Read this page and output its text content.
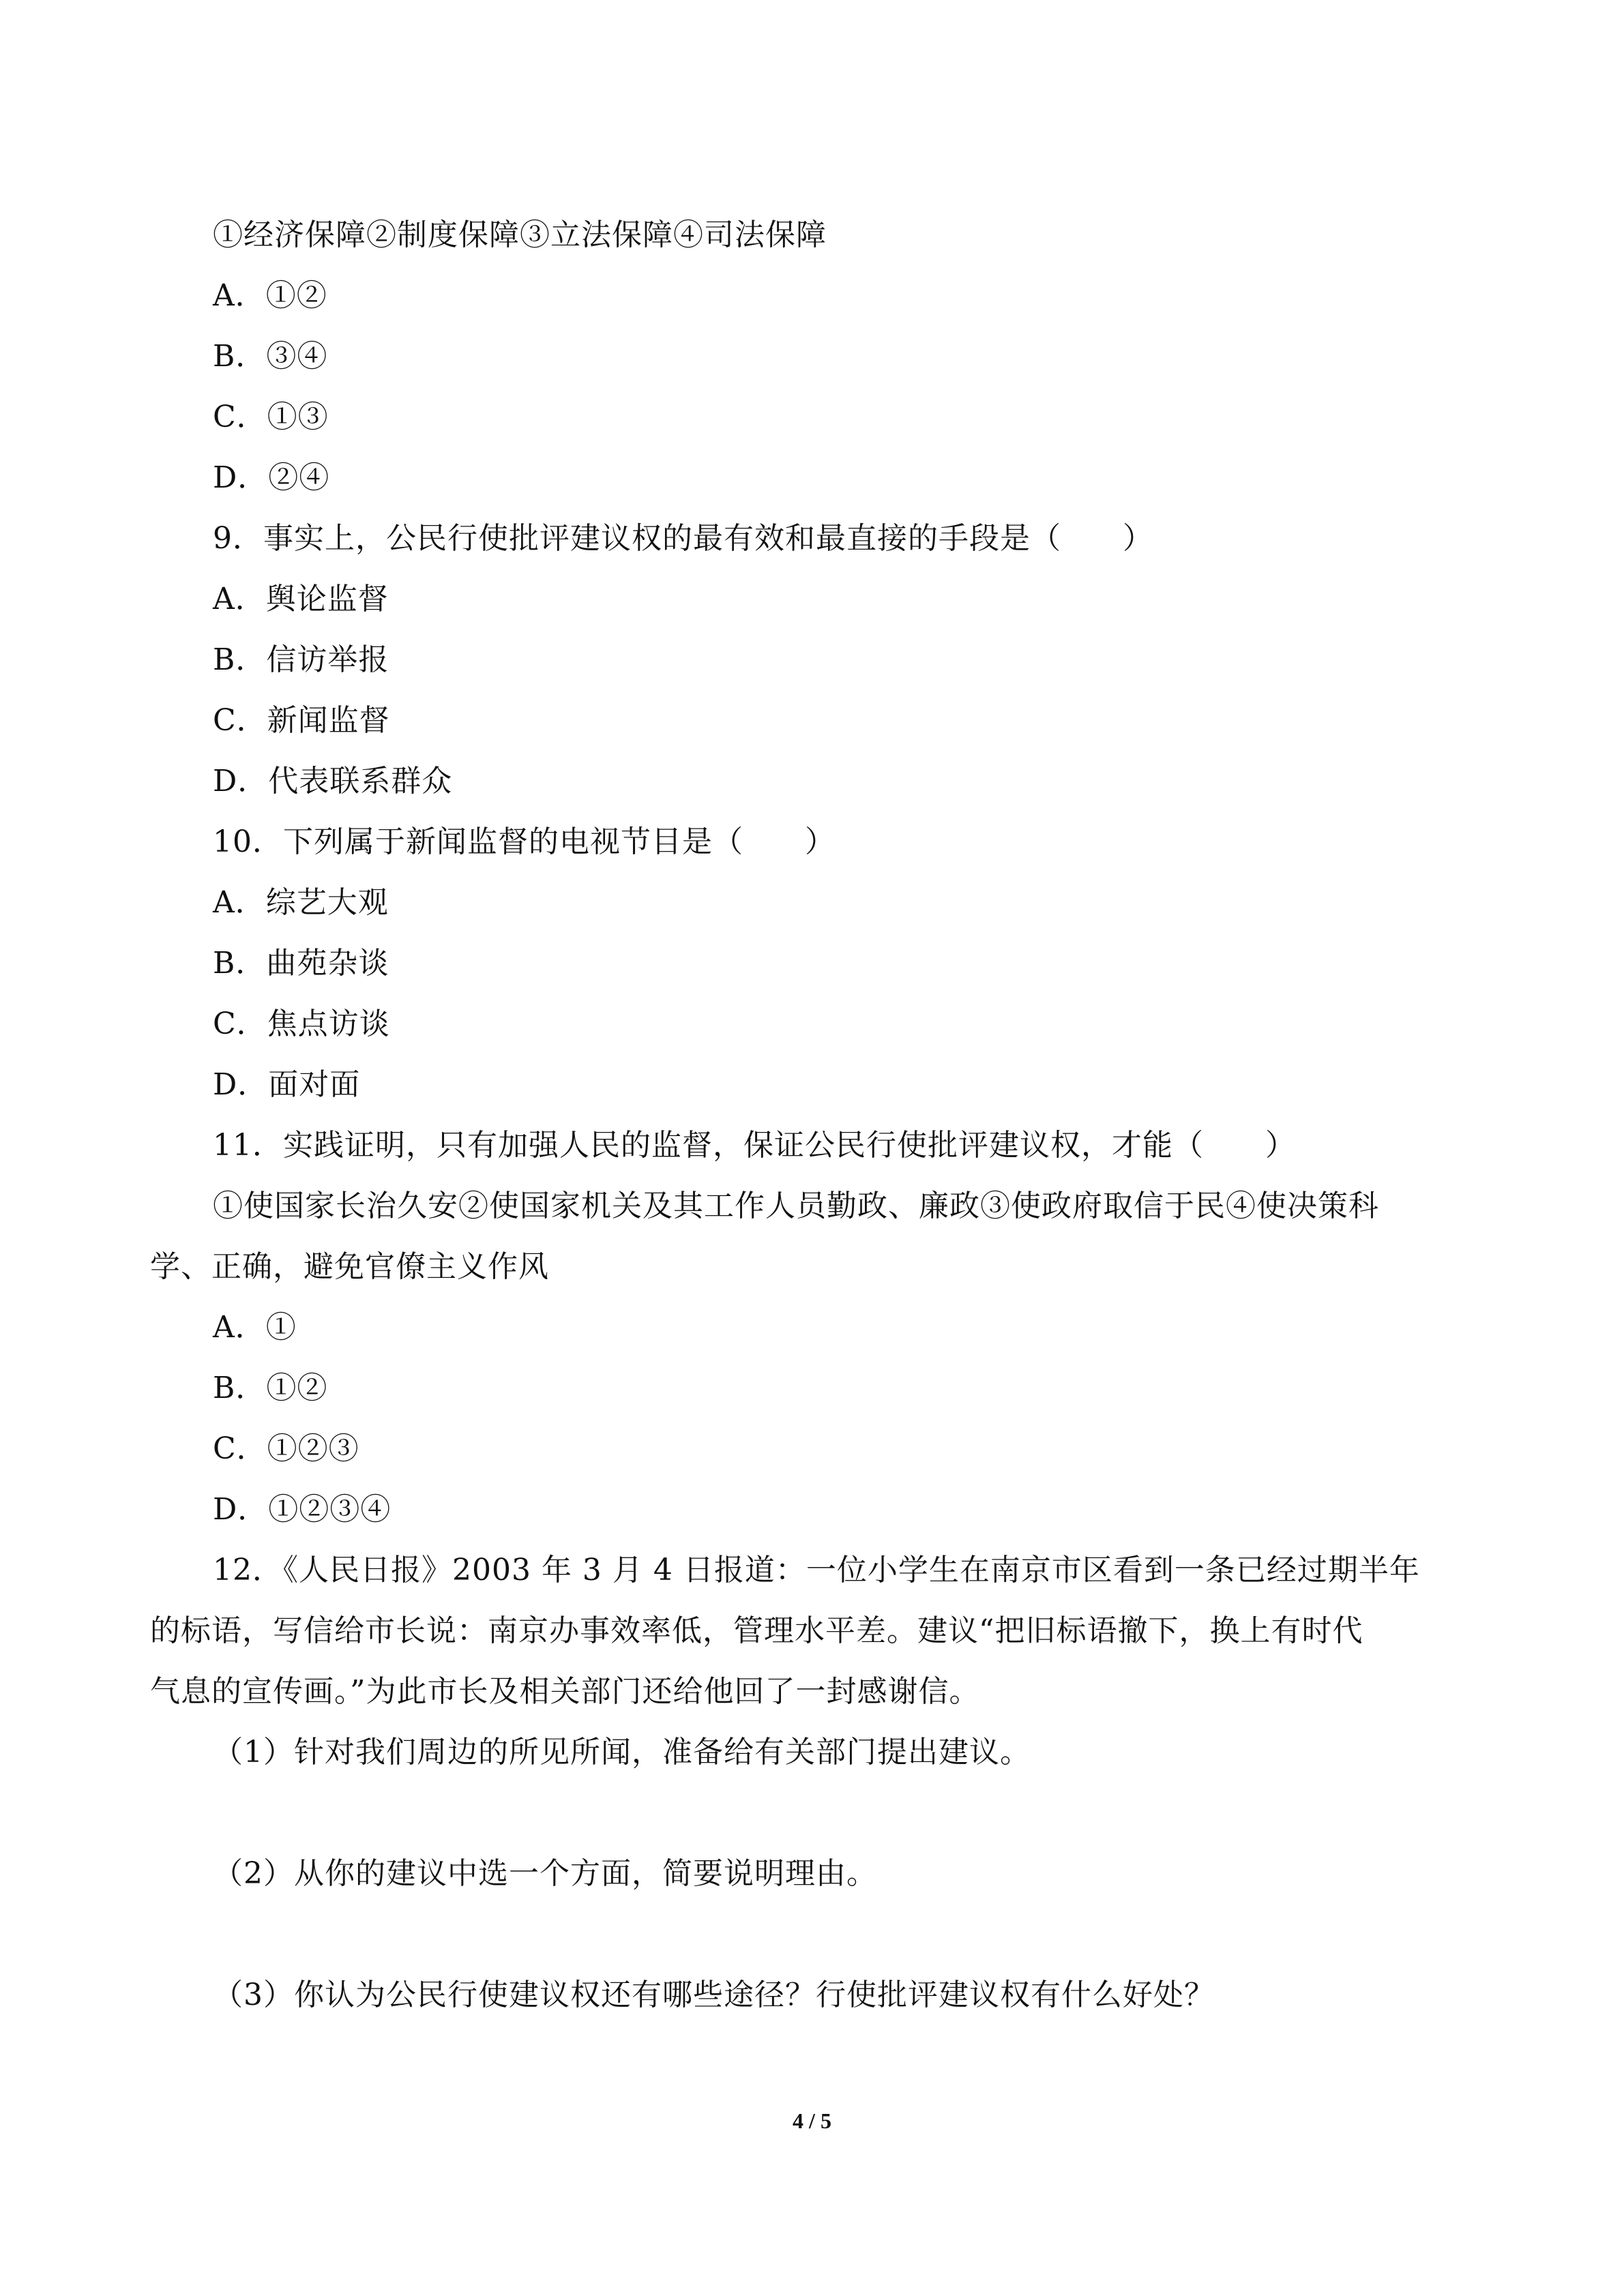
①经济保障②制度保障③立法保障④司法保障
A．①②
B．③④
C．①③
D．②④
9．事实上，公民行使批评建议权的最有效和最直接的手段是（　　）
A．舆论监督
B．信访举报
C．新闻监督
D．代表联系群众
10．下列属于新闻监督的电视节目是（　　）
A．综艺大观
B．曲苑杂谈
C．焦点访谈
D．面对面
11．实践证明，只有加强人民的监督，保证公民行使批评建议权，才能（　　）
①使国家长治久安②使国家机关及其工作人员勤政、廉政③使政府取信于民④使决策科
学、正确，避免官僚主义作风
A．①
B．①②
C．①②③
D．①②③④
12．《人民日报》2003 年 3 月 4 日报道：一位小学生在南京市区看到一条已经过期半年
的标语，写信给市长说：南京办事效率低，管理水平差。建议“把旧标语撤下，换上有时代
气息的宣传画。”为此市长及相关部门还给他回了一封感谢信。
（1）针对我们周边的所见所闻，准备给有关部门提出建议。
（2）从你的建议中选一个方面，简要说明理由。
（3）你认为公民行使建议权还有哪些途径？行使批评建议权有什么好处？
4 / 5
